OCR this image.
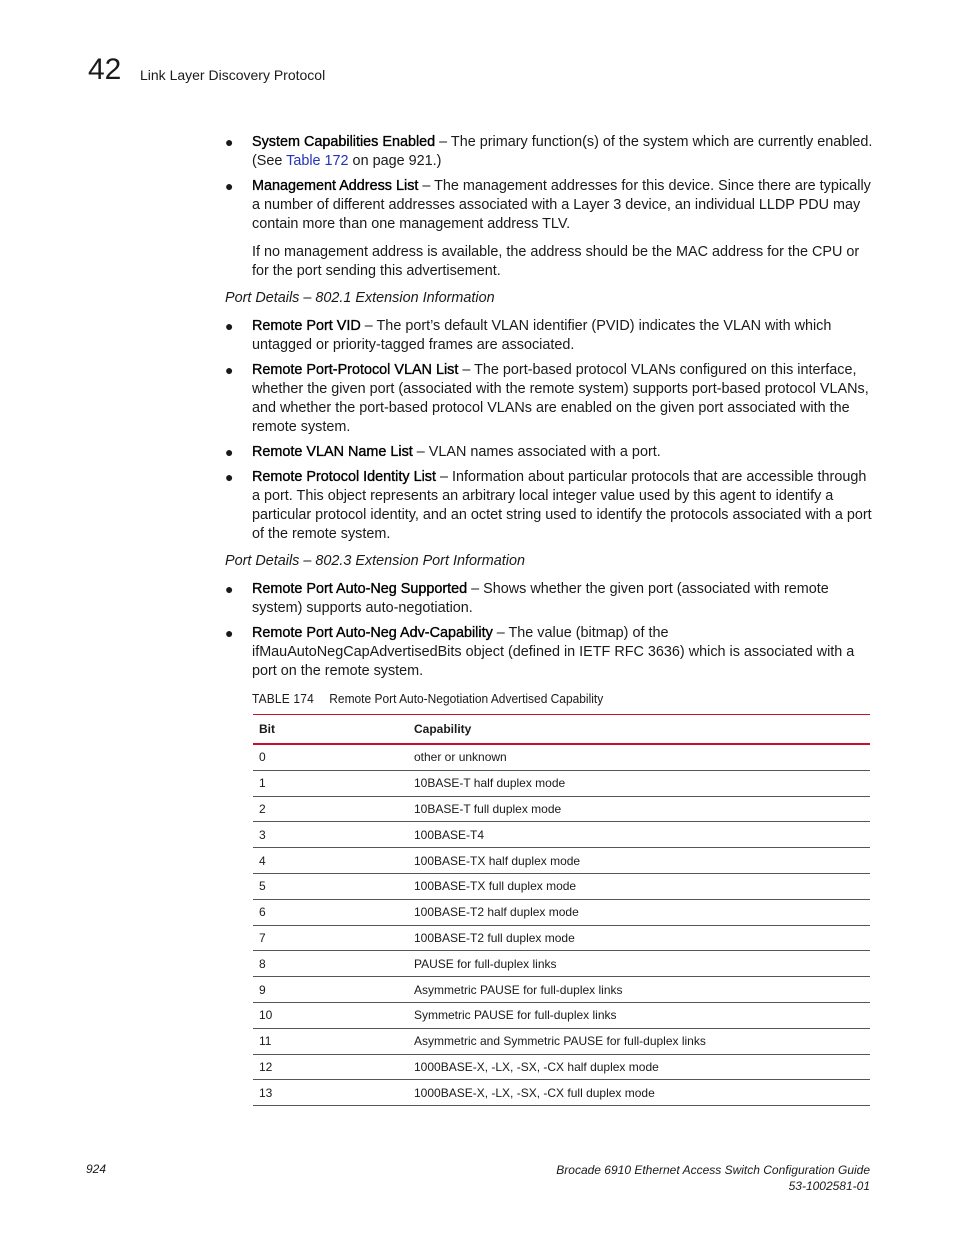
42 Link Layer Discovery Protocol
● System Capabilities Enabled – The primary function(s) of the system which are currently enabled. (See Table 172 on page 921.)
● Management Address List – The management addresses for this device. Since there are typically a number of different addresses associated with a Layer 3 device, an individual LLDP PDU may contain more than one management address TLV.
If no management address is available, the address should be the MAC address for the CPU or for the port sending this advertisement.
Port Details – 802.1 Extension Information
● Remote Port VID – The port’s default VLAN identifier (PVID) indicates the VLAN with which untagged or priority-tagged frames are associated.
● Remote Port-Protocol VLAN List – The port-based protocol VLANs configured on this interface, whether the given port (associated with the remote system) supports port-based protocol VLANs, and whether the port-based protocol VLANs are enabled on the given port associated with the remote system.
● Remote VLAN Name List – VLAN names associated with a port.
● Remote Protocol Identity List – Information about particular protocols that are accessible through a port. This object represents an arbitrary local integer value used by this agent to identify a particular protocol identity, and an octet string used to identify the protocols associated with a port of the remote system.
Port Details – 802.3 Extension Port Information
● Remote Port Auto-Neg Supported – Shows whether the given port (associated with remote system) supports auto-negotiation.
● Remote Port Auto-Neg Adv-Capability – The value (bitmap) of the ifMauAutoNegCapAdvertisedBits object (defined in IETF RFC 3636) which is associated with a port on the remote system.
TABLE 174 Remote Port Auto-Negotiation Advertised Capability
Bit	Capability
0	other or unknown
1	10BASE-T half duplex mode
2	10BASE-T full duplex mode
3	100BASE-T4
4	100BASE-TX half duplex mode
5	100BASE-TX full duplex mode
6	100BASE-T2 half duplex mode
7	100BASE-T2 full duplex mode
8	PAUSE for full-duplex links
9	Asymmetric PAUSE for full-duplex links
10	Symmetric PAUSE for full-duplex links
11	Asymmetric and Symmetric PAUSE for full-duplex links
12	1000BASE-X, -LX, -SX, -CX half duplex mode
13	1000BASE-X, -LX, -SX, -CX full duplex mode
924	Brocade 6910 Ethernet Access Switch Configuration Guide
53-1002581-01
